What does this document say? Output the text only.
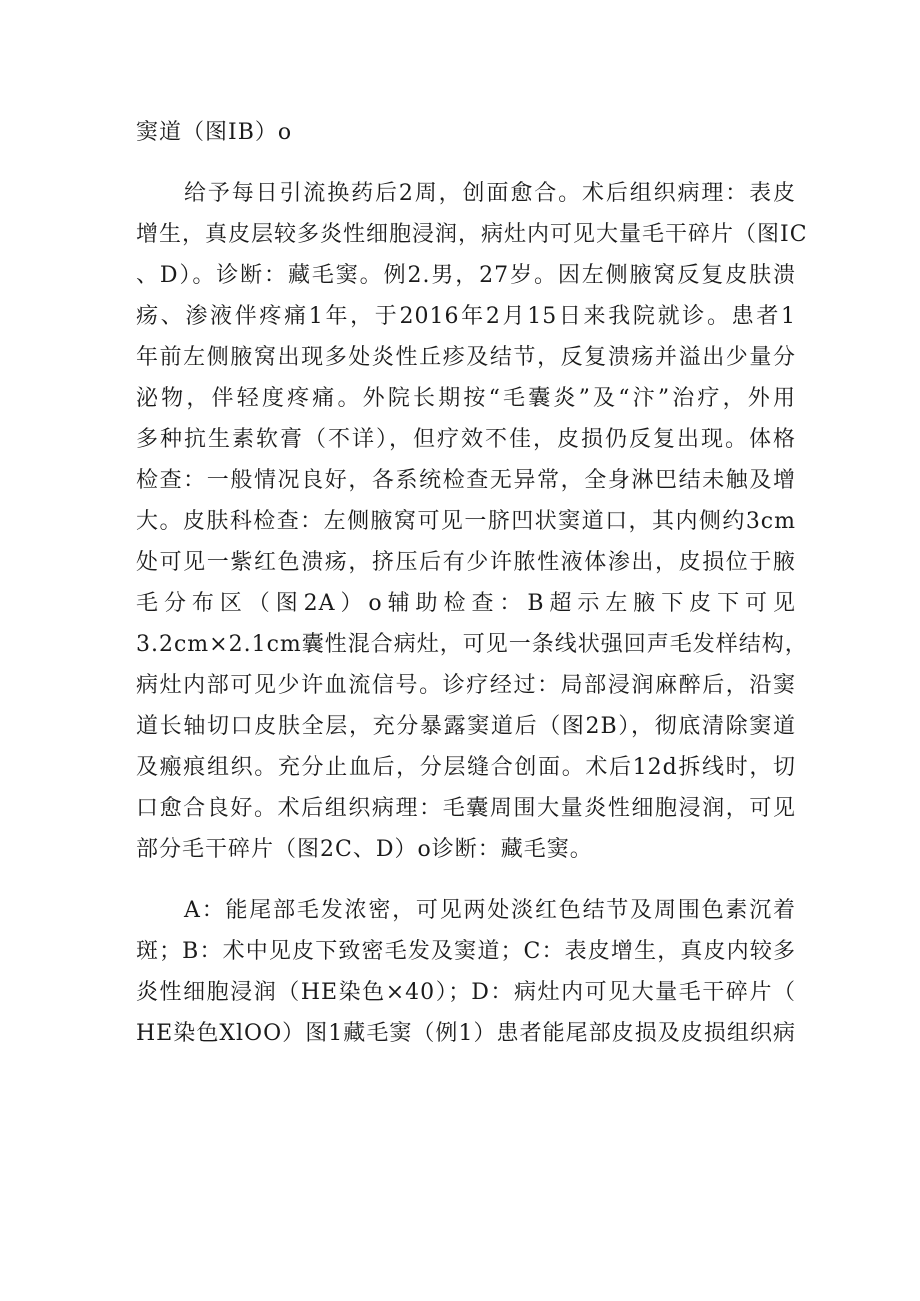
窦道（图IB）o
给予每日引流换药后2周，创面愈合。术后组织病理：表皮
增生，真皮层较多炎性细胞浸润，病灶内可见大量毛干碎片（图IC
、D）。诊断：藏毛窦。例2.男，27岁。因左侧腋窝反复皮肤溃
疡、渗液伴疼痛1年，于2016年2月15日来我院就诊。患者1
年前左侧腋窝出现多处炎性丘疹及结节，反复溃疡并溢出少量分
泌物，伴轻度疼痛。外院长期按“毛囊炎”及“汴”治疗，外用
多种抗生素软膏（不详），但疗效不佳，皮损仍反复出现。体格
检查：一般情况良好，各系统检查无异常，全身淋巴结未触及增
大。皮肤科检查：左侧腋窝可见一脐凹状窦道口，其内侧约3cm
处可见一紫红色溃疡，挤压后有少许脓性液体渗出，皮损位于腋
毛分布区（图2A）o辅助检查：B超示左腋下皮下可见
3.2cm×2.1cm囊性混合病灶，可见一条线状强回声毛发样结构，
病灶内部可见少许血流信号。诊疗经过：局部浸润麻醉后，沿窦
道长轴切口皮肤全层，充分暴露窦道后（图2B），彻底清除窦道
及瘢痕组织。充分止血后，分层缝合创面。术后12d拆线时，切
口愈合良好。术后组织病理：毛囊周围大量炎性细胞浸润，可见
部分毛干碎片（图2C、D）o诊断：藏毛窦。
A：能尾部毛发浓密，可见两处淡红色结节及周围色素沉着
斑；B：术中见皮下致密毛发及窦道；C：表皮增生，真皮内较多
炎性细胞浸润（HE染色×40）；D：病灶内可见大量毛干碎片（
HE染色XlOO）图1藏毛窦（例1）患者能尾部皮损及皮损组织病
